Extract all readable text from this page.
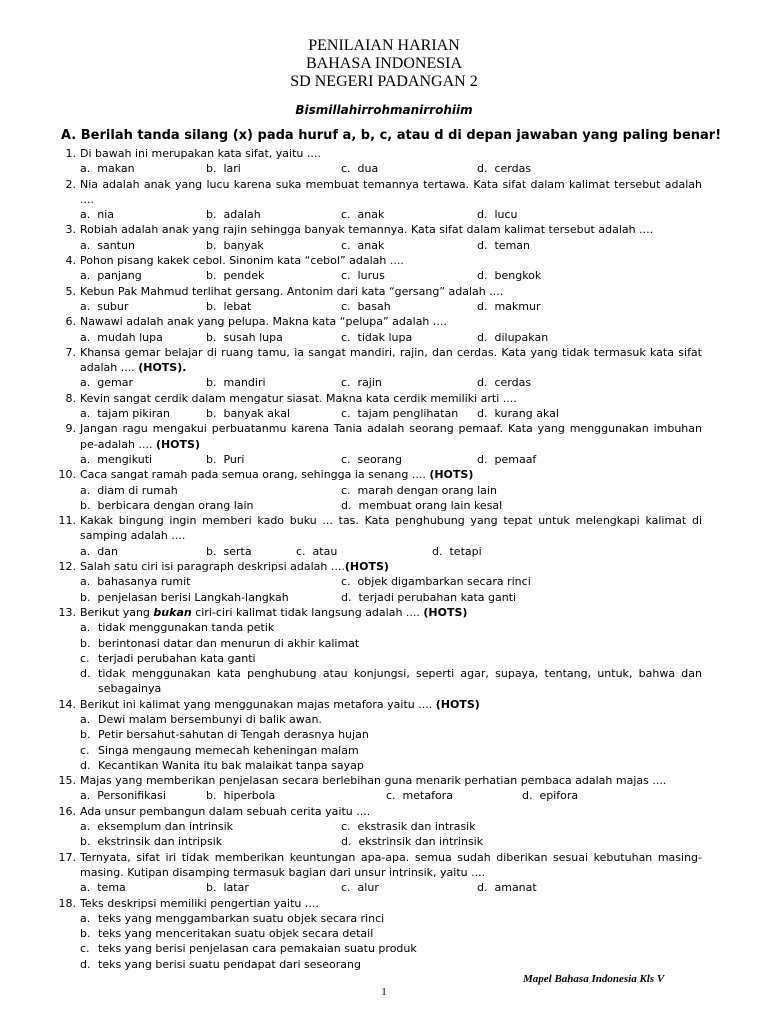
PENILAIAN HARIAN
BAHASA INDONESIA
SD NEGERI PADANGAN 2
Bismillahirrohmanirrohiim
A. Berilah tanda silang (x) pada huruf a, b, c, atau d di depan jawaban yang paling benar!
1. Di bawah ini merupakan kata sifat, yaitu ....
a.  makan	b.  lari	c.  dua	d.  cerdas
2. Nia adalah anak yang lucu karena suka membuat temannya tertawa. Kata sifat dalam kalimat tersebut adalah ....
a.  nia	b.  adalah	c.  anak	d.  lucu
3. Robiah adalah anak yang rajin sehingga banyak temannya. Kata sifat dalam kalimat tersebut adalah ....
a.  santun	b.  banyak	c.  anak	d.  teman
4. Pohon pisang kakek cebol. Sinonim kata “cebol” adalah ....
a.  panjang	b.  pendek	c.  lurus	d.  bengkok
5. Kebun Pak Mahmud terlihat gersang. Antonim dari kata “gersang” adalah ....
a.  subur	b.  lebat	c.  basah	d.  makmur
6. Nawawi adalah anak yang pelupa. Makna kata “pelupa” adalah ....
a.  mudah lupa	b.  susah lupa	c.  tidak lupa	d.  dilupakan
7. Khansa gemar belajar di ruang tamu, ia sangat mandiri, rajin, dan cerdas. Kata yang tidak termasuk kata sifat adalah .... (HOTS).
a.  gemar	b.  mandiri	c.  rajin	d.  cerdas
8. Kevin sangat cerdik dalam mengatur siasat. Makna kata cerdik memiliki arti ....
a.  tajam pikiran	b.  banyak akal	c.  tajam penglihatan d.  kurang akal
9. Jangan ragu mengakui perbuatanmu karena Tania adalah seorang pemaaf. Kata yang menggunakan imbuhan pe-adalah .... (HOTS)
a.  mengikuti	b.  Puri	c.  seorang	d.  pemaaf
10. Caca sangat ramah pada semua orang, sehingga ia senang .... (HOTS)
a.  diam di rumah	c.  marah dengan orang lain
b.  berbicara dengan orang lain	d.  membuat orang lain kesal
11. Kakak bingung ingin memberi kado buku ... tas. Kata penghubung yang tepat untuk melengkapi kalimat di samping adalah ....
a.  dan	b.  serta	c.  atau	d.  tetapi
12. Salah satu ciri isi paragraph deskripsi adalah ....(HOTS)
a.  bahasanya rumit	c.  objek digambarkan secara rinci
b.  penjelasan berisi Langkah-langkah	d.  terjadi perubahan kata ganti
13. Berikut yang bukan ciri-ciri kalimat tidak langsung adalah .... (HOTS)
a. tidak menggunakan tanda petik
b. berintonasi datar dan menurun di akhir kalimat
c. terjadi perubahan kata ganti
d. tidak menggunakan kata penghubung atau konjungsi, seperti agar, supaya, tentang, untuk, bahwa dan sebagainya
14. Berikut ini kalimat yang menggunakan majas metafora yaitu .... (HOTS)
a. Dewi malam bersembunyi di balik awan.
b. Petir bersahut-sahutan di Tengah derasnya hujan
c. Singa mengaung memecah keheningan malam
d. Kecantikan Wanita itu bak malaikat tanpa sayap
15. Majas yang memberikan penjelasan secara berlebihan guna menarik perhatian pembaca adalah majas ....
a.  Personifikasi	b.  hiperbola	c.  metafora	d.  epifora
16. Ada unsur pembangun dalam sebuah cerita yaitu ....
a.  eksemplum dan intrinsik	c.  ekstrasik dan intrasik
b.  ekstrinsik dan intripsik	d.  ekstrinsik dan intrinsik
17. Ternyata, sifat iri tidak memberikan keuntungan apa-apa. semua sudah diberikan sesuai kebutuhan masing-masing. Kutipan disamping termasuk bagian dari unsur intrinsik, yaitu ....
a.  tema	b.  latar	c.  alur	d.  amanat
18. Teks deskripsi memiliki pengertian yaitu ....
a. teks yang menggambarkan suatu objek secara rinci
b. teks yang menceritakan suatu objek secara detail
c. teks yang berisi penjelasan cara pemakaian suatu produk
d. teks yang berisi suatu pendapat dari seseorang
Mapel Bahasa Indonesia Kls V
1
